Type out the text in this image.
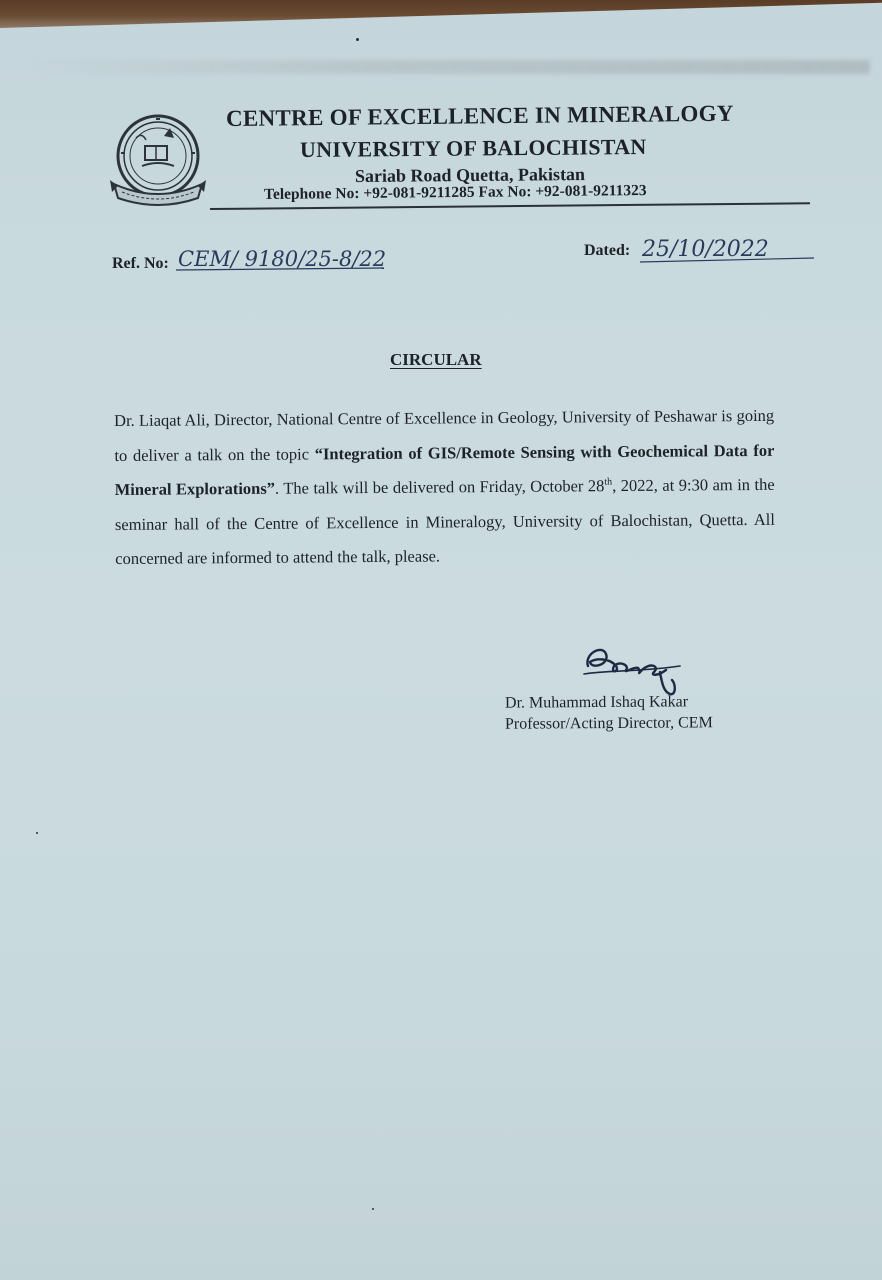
CENTRE OF EXCELLENCE IN MINERALOGY
UNIVERSITY OF BALOCHISTAN
Sariab Road Quetta, Pakistan
Telephone No: +92-081-9211285 Fax No: +92-081-9211323
Ref. No: CEM/ 9180/25-8/22	Dated: 25/10/2022
CIRCULAR
Dr. Liaqat Ali, Director, National Centre of Excellence in Geology, University of Peshawar is going to deliver a talk on the topic “Integration of GIS/Remote Sensing with Geochemical Data for Mineral Explorations”. The talk will be delivered on Friday, October 28th, 2022, at 9:30 am in the seminar hall of the Centre of Excellence in Mineralogy, University of Balochistan, Quetta. All concerned are informed to attend the talk, please.
Dr. Muhammad Ishaq Kakar
Professor/Acting Director, CEM
